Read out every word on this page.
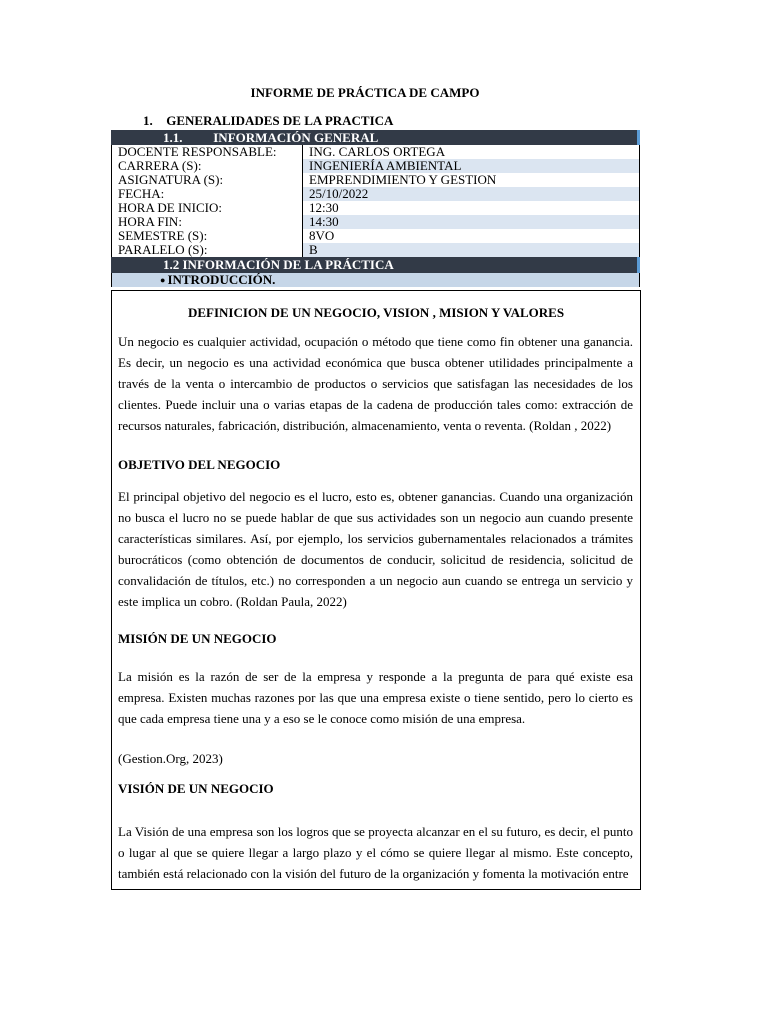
INFORME DE PRÁCTICA DE CAMPO
1. GENERALIDADES DE LA PRACTICA
1.1. INFORMACIÓN GENERAL
DOCENTE RESPONSABLE:	ING. CARLOS ORTEGA
CARRERA (S):	INGENIERÍA AMBIENTAL
ASIGNATURA (S):	EMPRENDIMIENTO Y GESTION
FECHA:	25/10/2022
HORA DE INICIO:	12:30
HORA FIN:	14:30
SEMESTRE (S):	8VO
PARALELO (S):	B
1.2 INFORMACIÓN DE LA PRÁCTICA
● INTRODUCCIÓN.
DEFINICION DE UN NEGOCIO, VISION , MISION Y VALORES

Un negocio es cualquier actividad, ocupación o método que tiene como fin obtener una ganancia. Es decir, un negocio es una actividad económica que busca obtener utilidades principalmente a través de la venta o intercambio de productos o servicios que satisfagan las necesidades de los clientes. Puede incluir una o varias etapas de la cadena de producción tales como: extracción de recursos naturales, fabricación, distribución, almacenamiento, venta o reventa. (Roldan , 2022)

OBJETIVO DEL NEGOCIO

El principal objetivo del negocio es el lucro, esto es, obtener ganancias. Cuando una organización no busca el lucro no se puede hablar de que sus actividades son un negocio aun cuando presente características similares. Así, por ejemplo, los servicios gubernamentales relacionados a trámites burocráticos (como obtención de documentos de conducir, solicitud de residencia, solicitud de convalidación de títulos, etc.) no corresponden a un negocio aun cuando se entrega un servicio y este implica un cobro. (Roldan Paula, 2022)

MISIÓN DE UN NEGOCIO

La misión es la razón de ser de la empresa y responde a la pregunta de para qué existe esa empresa. Existen muchas razones por las que una empresa existe o tiene sentido, pero lo cierto es que cada empresa tiene una y a eso se le conoce como misión de una empresa.

(Gestion.Org, 2023)

VISIÓN DE UN NEGOCIO

La Visión de una empresa son los logros que se proyecta alcanzar en el su futuro, es decir, el punto o lugar al que se quiere llegar a largo plazo y el cómo se quiere llegar al mismo. Este concepto, también está relacionado con la visión del futuro de la organización y fomenta la motivación entre
